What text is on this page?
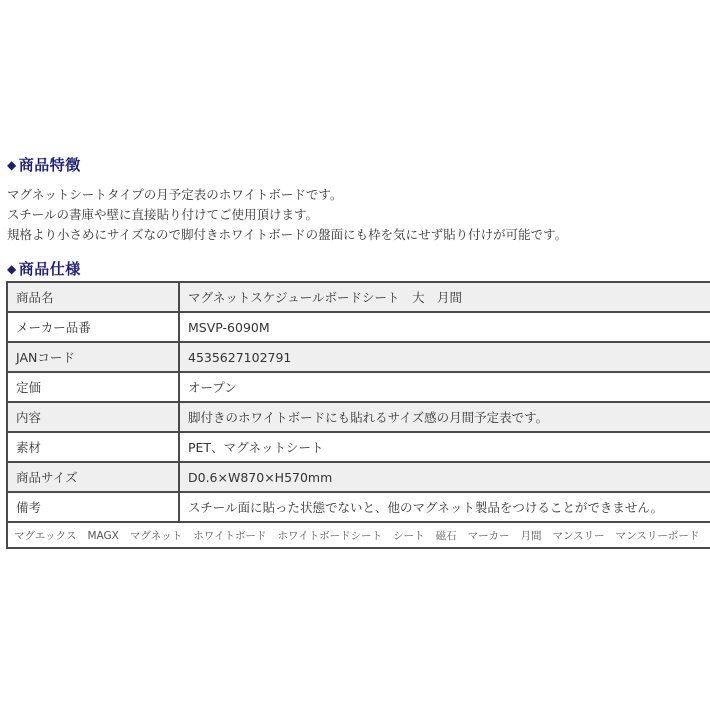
◆ 商品特徴
マグネットシートタイプの月予定表のホワイトボードです。
スチールの書庫や壁に直接貼り付けてご使用頂けます。
規格より小さめにサイズなので脚付きホワイトボードの盤面にも枠を気にせず貼り付けが可能です。
◆ 商品仕様
商品名	マグネットスケジュールボードシート　大　月間
メーカー品番	MSVP-6090M
JANコード	4535627102791
定価	オープン
内容	脚付きのホワイトボードにも貼れるサイズ感の月間予定表です。
素材	PET、マグネットシート
商品サイズ	D0.6×W870×H570mm
備考	スチール面に貼った状態でないと、他のマグネット製品をつけることができません。
マグエックス MAGX マグネット ホワイトボード ホワイトボードシート シート 磁石 マーカー 月間 マンスリー マンスリーボード	
